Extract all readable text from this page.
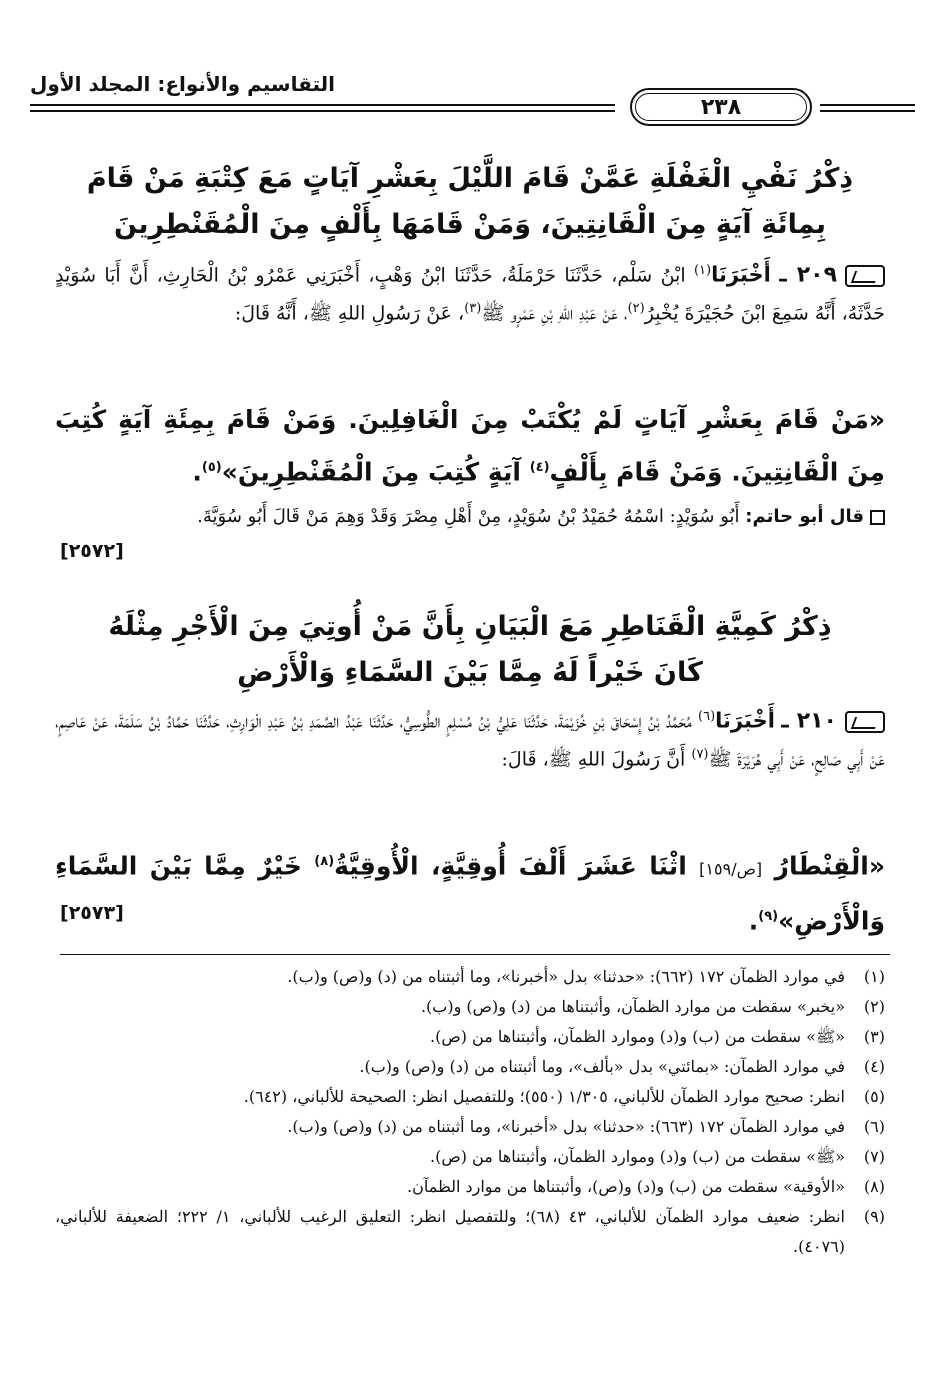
التقاسيم والأنواع: المجلد الأول
٢٣٨
ذِكْرُ نَفْيِ الْغَفْلَةِ عَمَّنْ قَامَ اللَّيْلَ بِعَشْرِ آيَاتٍ مَعَ كِتْبَةِ مَنْ قَامَ
بِمِائَةِ آيَةٍ مِنَ الْقَانِتِينَ، وَمَنْ قَامَهَا بِأَلْفٍ مِنَ الْمُقَنْطِرِينَ
٢٠٩ ـ أَخْبَرَنَا$^{(١)}$ ابْنُ سَلْم، حَدَّثَنَا حَرْمَلَةُ، حَدَّثَنَا ابْنُ وَهْبٍ، أَخْبَرَنِي عَمْرُو بْنُ الْحَارِثِ، أَنَّ أَبَا سُوَيْدٍ حَدَّثَهُ، أَنَّهُ سَمِعَ ابْنَ حُجَيْرَةَ يُخْبِرُ$^{(٢)}$، عَنْ عَبْدِ اللهِ بْنِ عَمْرٍو ﷺ$^{(٣)}$، عَنْ رَسُولِ اللهِ ﷺ، أَنَّهُ قَالَ:
«مَنْ قَامَ بِعَشْرِ آيَاتٍ لَمْ يُكْتَبْ مِنَ الْغَافِلِينَ. وَمَنْ قَامَ بِمِئَةِ آيَةٍ كُتِبَ مِنَ الْقَانِتِينَ. وَمَنْ قَامَ بِأَلْفٍ$^{(٤)}$ آيَةٍ كُتِبَ مِنَ الْمُقَنْطِرِينَ»$^{(٥)}$.
قال أبو حاتم: أَبُو سُوَيْدٍ: اسْمُهُ حُمَيْدُ بْنُ سُوَيْدٍ، مِنْ أَهْلِ مِصْرَ وَقَدْ وَهِمَ مَنْ قَالَ أَبُو سُوَيَّةَ.
[٢٥٧٢]
ذِكْرُ كَمِيَّةِ الْقَنَاطِرِ مَعَ الْبَيَانِ بِأَنَّ مَنْ أُوتِيَ مِنَ الْأَجْرِ مِثْلَهُ
كَانَ خَيْراً لَهُ مِمَّا بَيْنَ السَّمَاءِ وَالْأَرْضِ
٢١٠ ـ أَخْبَرَنَا$^{(٦)}$ مُحَمَّدُ بْنُ إِسْحَاقَ بْنِ خُزَيْمَةَ، حَدَّثَنَا عَلِيُّ بْنُ مُسْلِمٍ الطُّوسِيُّ، حَدَّثَنَا عَبْدُ الصَّمَدِ بْنُ عَبْدِ الْوَارِثِ، حَدَّثَنَا حَمَّادُ بْنُ سَلَمَةَ، عَنْ عَاصِمٍ، عَنْ أَبِي صَالِحٍ، عَنْ أَبِي هُرَيْرَةَ ﷺ$^{(٧)}$ أَنَّ رَسُولَ اللهِ ﷺ، قَالَ:
«الْقِنْطَارُ [ص/١٥٩] اثْنَا عَشَرَ أَلْفَ أُوقِيَّةٍ، الْأُوقِيَّةُ$^{(٨)}$ خَيْرٌ مِمَّا بَيْنَ السَّمَاءِ وَالْأَرْضِ»$^{(٩)}$.
[٢٥٧٣]
(١)
في موارد الظمآن ١٧٢ (٦٦٢): «حدثنا» بدل «أخبرنا»، وما أثبتناه من (د) و(ص) و(ب).
(٢)
«يخبر» سقطت من موارد الظمآن، وأثبتناها من (د) و(ص) و(ب).
(٣)
«ﷺ» سقطت من (ب) و(د) وموارد الظمآن، وأثبتناها من (ص).
(٤)
في موارد الظمآن: «بمائتي» بدل «بألف»، وما أثبتناه من (د) و(ص) و(ب).
(٥)
انظر: صحيح موارد الظمآن للألباني، ١/٣٠٥ (٥٥٠)؛ وللتفصيل انظر: الصحيحة للألباني، (٦٤٢).
(٦)
في موارد الظمآن ١٧٢ (٦٦٣): «حدثنا» بدل «أخبرنا»، وما أثبتناه من (د) و(ص) و(ب).
(٧)
«ﷺ» سقطت من (ب) و(د) وموارد الظمآن، وأثبتناها من (ص).
(٨)
«الأوقية» سقطت من (ب) و(د) و(ص)، وأثبتناها من موارد الظمآن.
(٩)
انظر: ضعيف موارد الظمآن للألباني، ٤٣ (٦٨)؛ وللتفصيل انظر: التعليق الرغيب للألباني، ١/ ٢٢٢؛ الضعيفة للألباني، (٤٠٧٦).
